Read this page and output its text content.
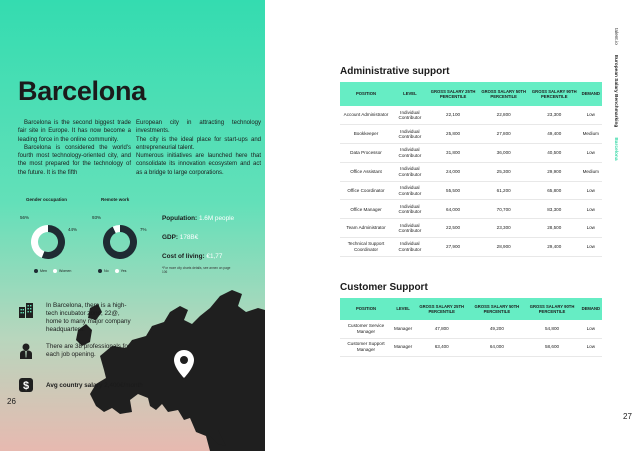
Barcelona

Barcelona is the second biggest trade fair site in Europe. It has now become a leading force in the online community.

Barcelona is considered the world's fourth most technology-oriented city, and the most prepared for the technology of the future. It is the fifth

European city in attracting technology investments.

The city is the ideal place for start-ups and entrepreneurial talent.

Numerous initiatives are launched here that consolidate its innovation ecosystem and act as a bridge to large corporations.

Gender occupation	Remote work
56%
44%
93%
7%
Men	Women	No	Yes
Population: 1.6M people
GDP: 178B€
Cost of living: €1,77
*For more city charts details, see annex on page 106
In Barcelona, there is a high-tech incubator zone, 22@, home to many major company headquarters.
There are 38 professionals for each job opening.
$	Avg country salary 2,400€/month
26
Administrative support
POSITION	LEVEL	GROSS SALARY 25TH PERCENTILE	GROSS SALARY 50TH PERCENTILE	GROSS SALARY 90TH PERCENTILE	DEMAND
Account Administrator	Individual Contributor	22,100	22,800	23,300	Low
Bookkeeper	Individual Contributor	25,800	27,800	49,400	Medium
Data Processor	Individual Contributor	31,800	36,000	40,500	Low
Office Assistant	Individual Contributor	24,000	25,300	29,900	Medium
Office Coordinator	Individual Contributor	55,500	61,200	65,800	Low
Office Manager	Individual Contributor	64,000	70,700	83,300	Low
Team Administrator	Individual Contributor	22,500	23,300	28,500	Low
Technical Support Coordinator	Individual Contributor	27,900	28,900	29,400	Low
Customer Support
POSITION	LEVEL	GROSS SALARY 25TH PERCENTILE	GROSS SALARY 50TH PERCENTILE	GROSS SALARY 90TH PERCENTILE	DEMAND
Customer Service Manager	Manager	47,800	49,200	54,800	Low
Customer Support Manager	Manager	63,400	64,000	58,600	Low
talent.io
European Salary Benchmarking
Barcelona
27
